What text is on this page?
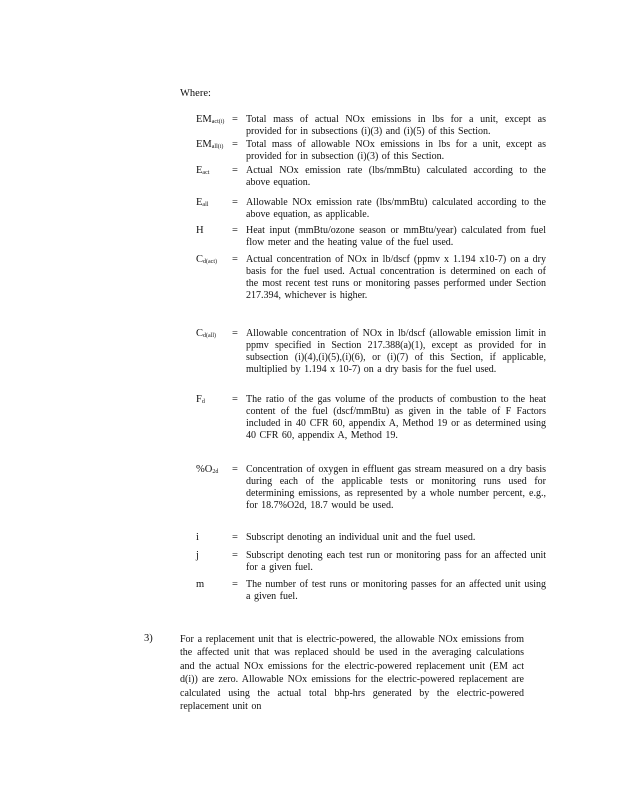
Where:
$EM_{act(i)}$ = Total mass of actual NOx emissions in lbs for a unit, except as provided for in subsections (i)(3) and (i)(5) of this Section.
$EM_{all(i)}$ = Total mass of allowable NOx emissions in lbs for a unit, except as provided for in subsection (i)(3) of this Section.
$E_{act}$	= Actual NOx emission rate (lbs/mmBtu) calculated according to the above equation.
$E_{all}$	= Allowable NOx emission rate (lbs/mmBtu) calculated according to the above equation, as applicable.
H	= Heat input (mmBtu/ozone season or mmBtu/year) calculated from fuel flow meter and the heating value of the fuel used.
$C_{d(act)}$	= Actual concentration of NOx in lb/dscf (ppmv x 1.194 x10-7) on a dry basis for the fuel used. Actual concentration is determined on each of the most recent test runs or monitoring passes performed under Section 217.394, whichever is higher.
$C_{d(all)}$	= Allowable concentration of NOx in lb/dscf (allowable emission limit in ppmv specified in Section 217.388(a)(1), except as provided for in subsection (i)(4),(i)(5),(i)(6), or (i)(7) of this Section, if applicable, multiplied by 1.194 x 10-7) on a dry basis for the fuel used.
$F_d$	= The ratio of the gas volume of the products of combustion to the heat content of the fuel (dscf/mmBtu) as given in the table of F Factors included in 40 CFR 60, appendix A, Method 19 or as determined using 40 CFR 60, appendix A, Method 19.
$\%O_{2d}$	= Concentration of oxygen in effluent gas stream measured on a dry basis during each of the applicable tests or monitoring runs used for determining emissions, as represented by a whole number percent, e.g., for 18.7%O2d, 18.7 would be used.
i	= Subscript denoting an individual unit and the fuel used.
j	= Subscript denoting each test run or monitoring pass for an affected unit for a given fuel.
m	= The number of test runs or monitoring passes for an affected unit using a given fuel.
3)	For a replacement unit that is electric-powered, the allowable NOx emissions from the affected unit that was replaced should be used in the averaging calculations and the actual NOx emissions for the electric-powered replacement unit (EM act d(i)) are zero. Allowable NOx emissions for the electric-powered replacement are calculated using the actual total bhp-hrs generated by the electric-powered replacement unit on
